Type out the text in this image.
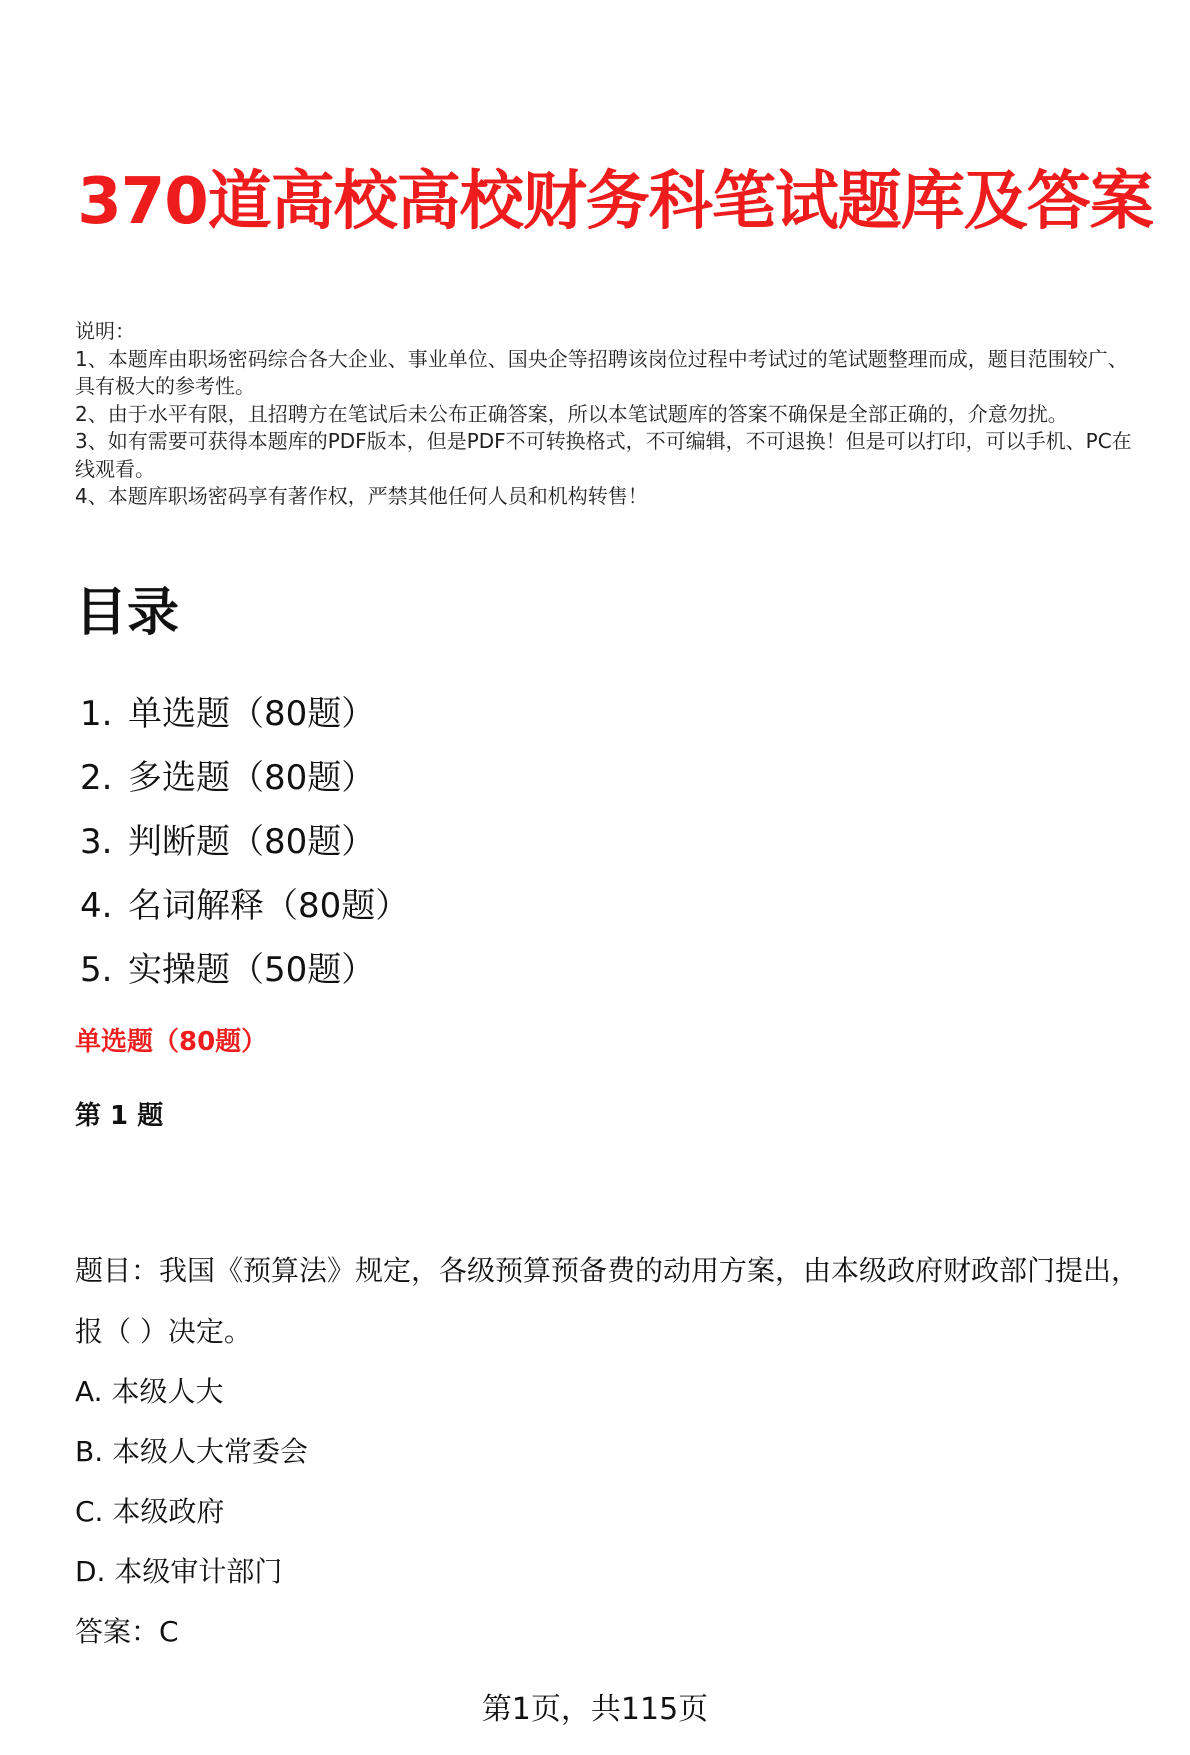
370道高校高校财务科笔试题库及答案

说明：

1、本题库由职场密码综合各大企业、事业单位、国央企等招聘该岗位过程中考试过的笔试题整理而成，题目范围较广、具有极大的参考性。

2、由于水平有限，且招聘方在笔试后未公布正确答案，所以本笔试题库的答案不确保是全部正确的，介意勿扰。

3、如有需要可获得本题库的PDF版本，但是PDF不可转换格式，不可编辑，不可退换！但是可以打印，可以手机、PC在线观看。

4、本题库职场密码享有著作权，严禁其他任何人员和机构转售！

目录
1. 单选题（80题）
2. 多选题（80题）
3. 判断题（80题）
4. 名词解释（80题）
5. 实操题（50题）
单选题（80题）
第 1 题

题目：我国《预算法》规定，各级预算预备费的动用方案，由本级政府财政部门提出，报（ ）决定。

A. 本级人大

B. 本级人大常委会

C. 本级政府

D. 本级审计部门

答案：C

第1页，共115页
